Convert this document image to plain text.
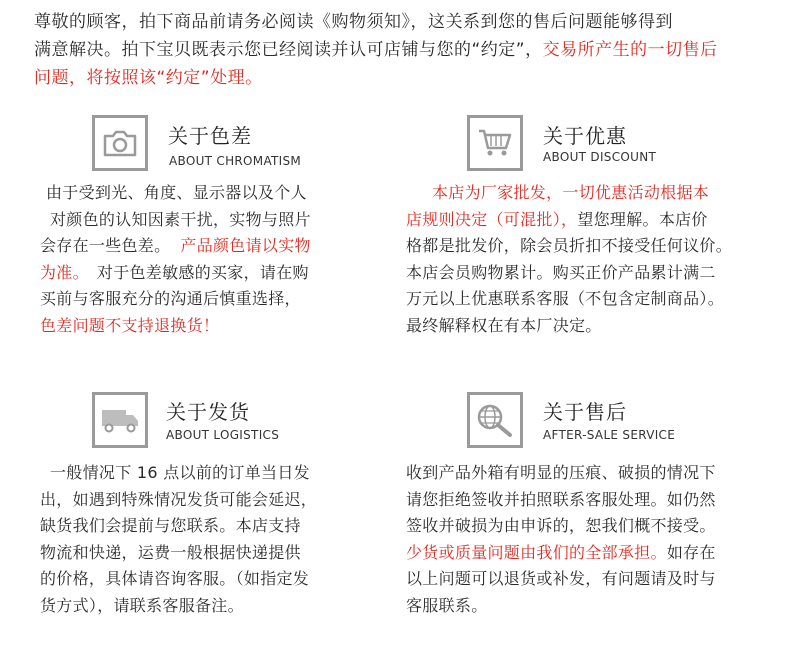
尊敬的顾客，拍下商品前请务必阅读《购物须知》，这关系到您的售后问题能够得到
满意解决。拍下宝贝既表示您已经阅读并认可店铺与您的“约定”，交易所产生的一切售后
问题，将按照该“约定”处理。
关于色差
ABOUT CHROMATISM

由于受到光、角度、显示器以及个人

对颜色的认知因素干扰，实物与照片

会存在一些色差。 产品颜色请以实物

为准。 对于色差敏感的买家，请在购

买前与客服充分的沟通后慎重选择，

色差问题不支持退换货！

关于优惠
ABOUT DISCOUNT

本店为厂家批发，一切优惠活动根据本

店规则决定（可混批），望您理解。本店价

格都是批发价，除会员折扣不接受任何议价。

本店会员购物累计。购买正价产品累计满二

万元以上优惠联系客服（不包含定制商品）。

最终解释权在有本厂决定。

关于发货
ABOUT LOGISTICS

一般情况下 16 点以前的订单当日发

出，如遇到特殊情况发货可能会延迟，

缺货我们会提前与您联系。本店支持

物流和快递，运费一般根据快递提供

的价格，具体请咨询客服。（如指定发

货方式），请联系客服备注。

关于售后
AFTER-SALE SERVICE

收到产品外箱有明显的压痕、破损的情况下

请您拒绝签收并拍照联系客服处理。如仍然

签收并破损为由申诉的，恕我们概不接受。

少货或质量问题由我们的全部承担。如存在

以上问题可以退货或补发，有问题请及时与

客服联系。
